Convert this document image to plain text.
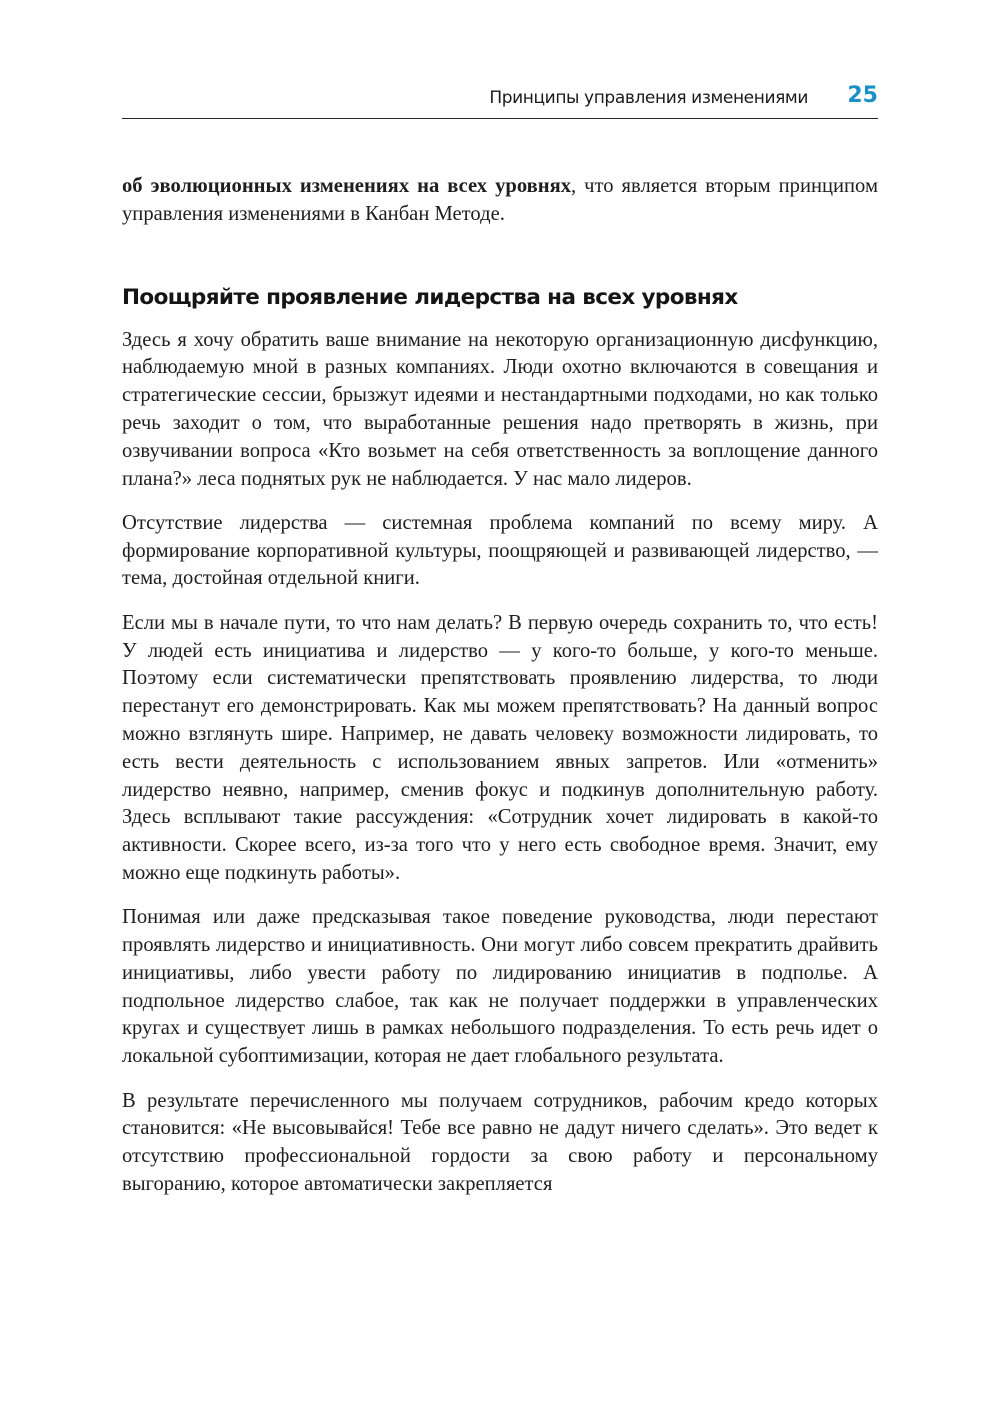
Принципы управления изменениями 25

об эволюционных изменениях на всех уровнях, что является вторым принципом управления изменениями в Канбан Методе.

Поощряйте проявление лидерства на всех уровнях

Здесь я хочу обратить ваше внимание на некоторую организационную дисфункцию, наблюдаемую мной в разных компаниях. Люди охотно включаются в совещания и стратегические сессии, брызжут идеями и нестандартными подходами, но как только речь заходит о том, что выработанные решения надо претворять в жизнь, при озвучивании вопроса «Кто возьмет на себя ответственность за воплощение данного плана?» леса поднятых рук не наблюдается. У нас мало лидеров.

Отсутствие лидерства — системная проблема компаний по всему миру. А формирование корпоративной культуры, поощряющей и развивающей лидерство, — тема, достойная отдельной книги.

Если мы в начале пути, то что нам делать? В первую очередь сохранить то, что есть! У людей есть инициатива и лидерство — у кого-то больше, у кого-то меньше. Поэтому если систематически препятствовать проявлению лидерства, то люди перестанут его демонстрировать. Как мы можем препятствовать? На данный вопрос можно взглянуть шире. Например, не давать человеку возможности лидировать, то есть вести деятельность с использованием явных запретов. Или «отменить» лидерство неявно, например, сменив фокус и подкинув дополнительную работу. Здесь всплывают такие рассуждения: «Сотрудник хочет лидировать в какой-то активности. Скорее всего, из-за того что у него есть свободное время. Значит, ему можно еще подкинуть работы».

Понимая или даже предсказывая такое поведение руководства, люди перестают проявлять лидерство и инициативность. Они могут либо совсем прекратить драйвить инициативы, либо увести работу по лидированию инициатив в подполье. А подпольное лидерство слабое, так как не получает поддержки в управленческих кругах и существует лишь в рамках небольшого подразделения. То есть речь идет о локальной субоптимизации, которая не дает глобального результата.

В результате перечисленного мы получаем сотрудников, рабочим кредо которых становится: «Не высовывайся! Тебе все равно не дадут ничего сделать». Это ведет к отсутствию профессиональной гордости за свою работу и персональному выгоранию, которое автоматически закрепляется
